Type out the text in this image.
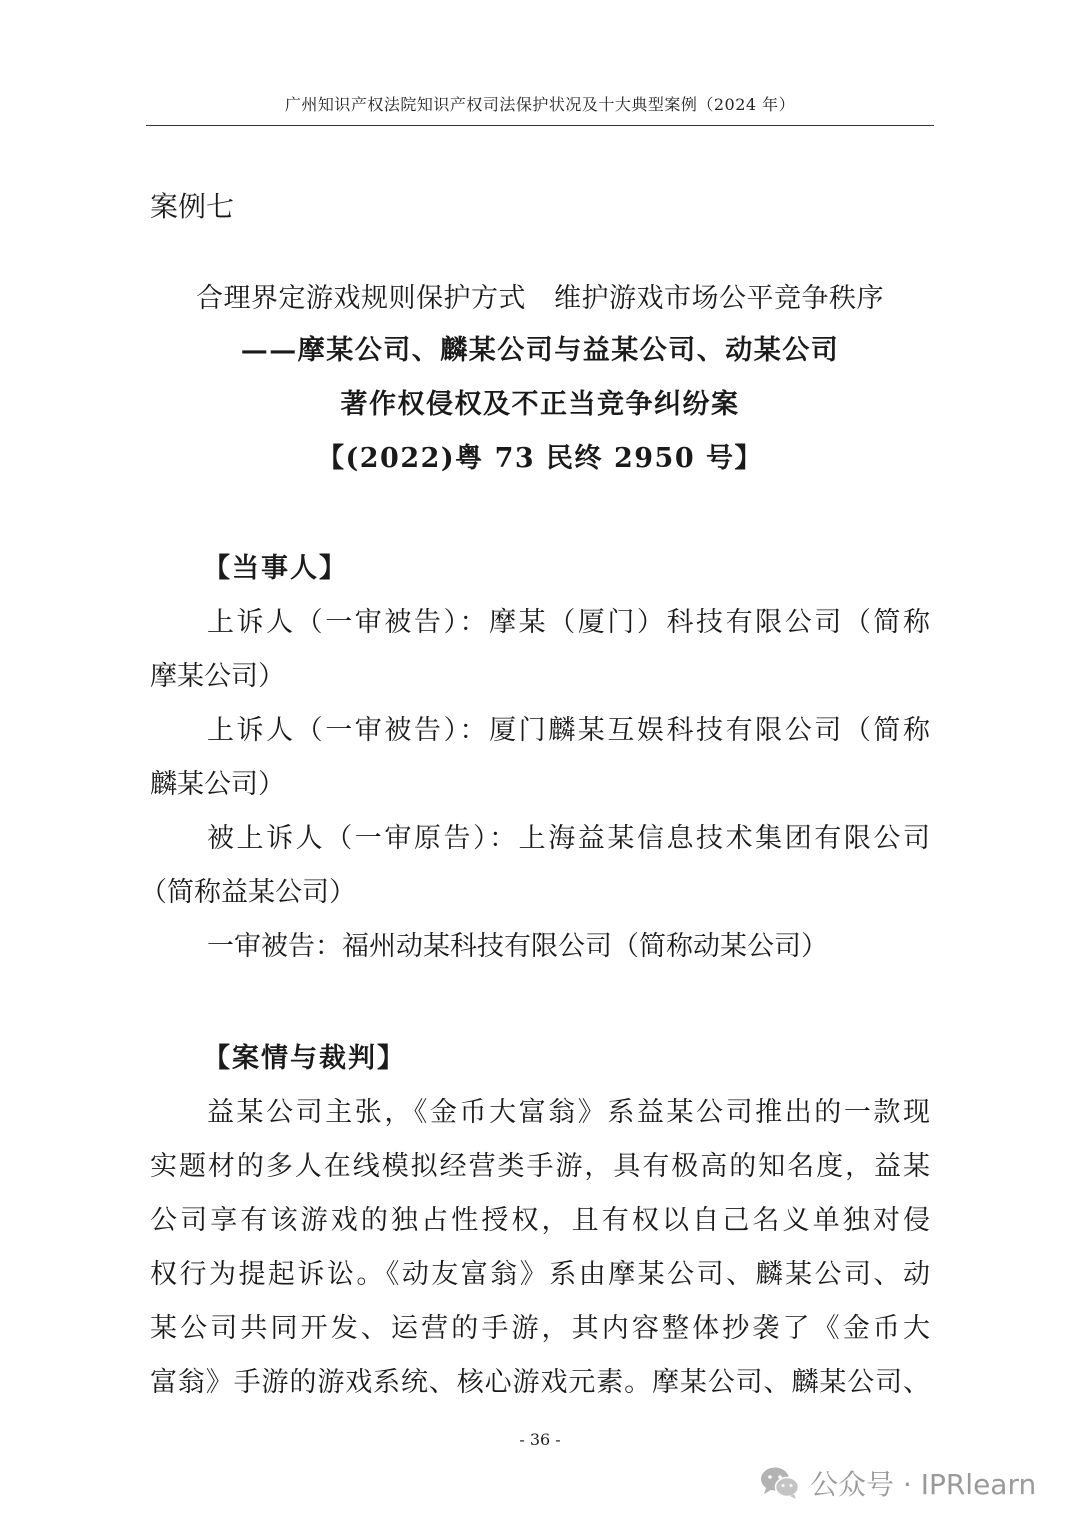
广州知识产权法院知识产权司法保护状况及十大典型案例（2024 年）
案例七
合理界定游戏规则保护方式 维护游戏市场公平竞争秩序
——摩某公司、麟某公司与益某公司、动某公司
著作权侵权及不正当竞争纠纷案
【(2022)粤 73 民终 2950 号】
【当事人】
上诉人（一审被告）：摩某（厦门）科技有限公司（简称
摩某公司）
上诉人（一审被告）：厦门麟某互娱科技有限公司（简称
麟某公司）
被上诉人（一审原告）：上海益某信息技术集团有限公司
（简称益某公司）
一审被告：福州动某科技有限公司（简称动某公司）
【案情与裁判】
益某公司主张，《金币大富翁》系益某公司推出的一款现
实题材的多人在线模拟经营类手游，具有极高的知名度，益某
公司享有该游戏的独占性授权，且有权以自己名义单独对侵
权行为提起诉讼。《动友富翁》系由摩某公司、麟某公司、动
某公司共同开发、运营的手游，其内容整体抄袭了《金币大
富翁》手游的游戏系统、核心游戏元素。摩某公司、麟某公司、
- 36 -
公众号 · IPRlearn
